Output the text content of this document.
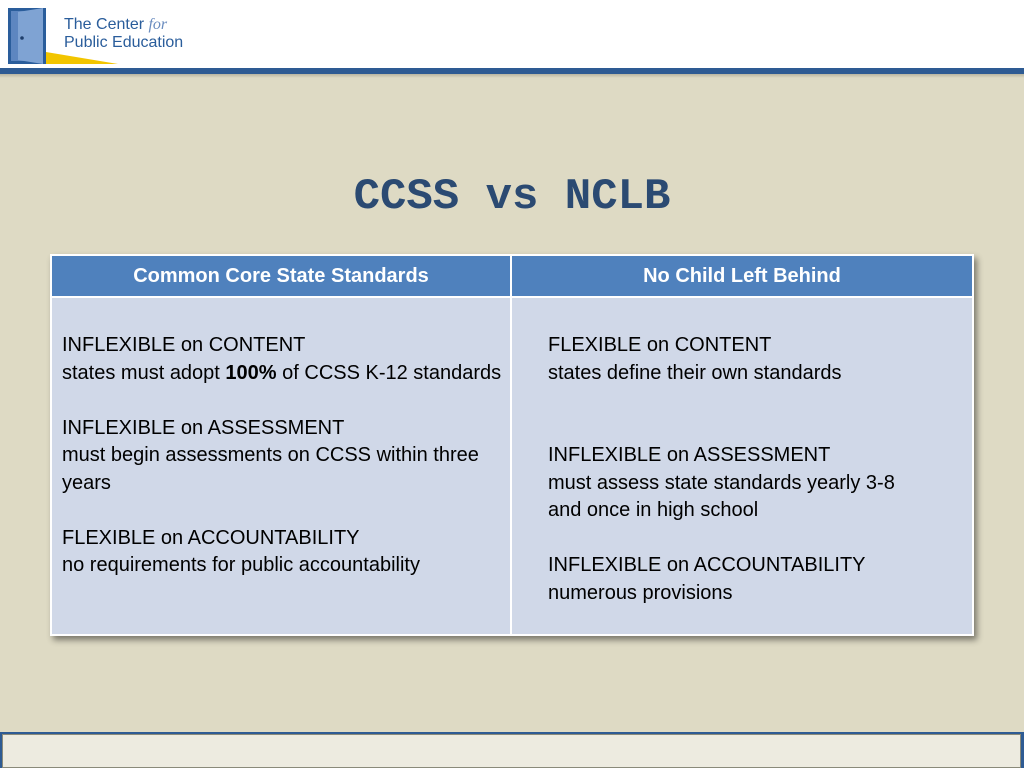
The Center for
Public Education
CCSS vs NCLB
Common Core State Standards	No Child Left Behind
INFLEXIBLE on CONTENT
states must adopt 100% of CCSS K-12 standards
INFLEXIBLE on ASSESSMENT
must begin assessments on CCSS within three years
FLEXIBLE on ACCOUNTABILITY
no requirements for public accountability
FLEXIBLE on CONTENT
states define their own standards
INFLEXIBLE on ASSESSMENT
must assess state standards yearly 3-8
and once in high school
INFLEXIBLE on ACCOUNTABILITY
numerous provisions
